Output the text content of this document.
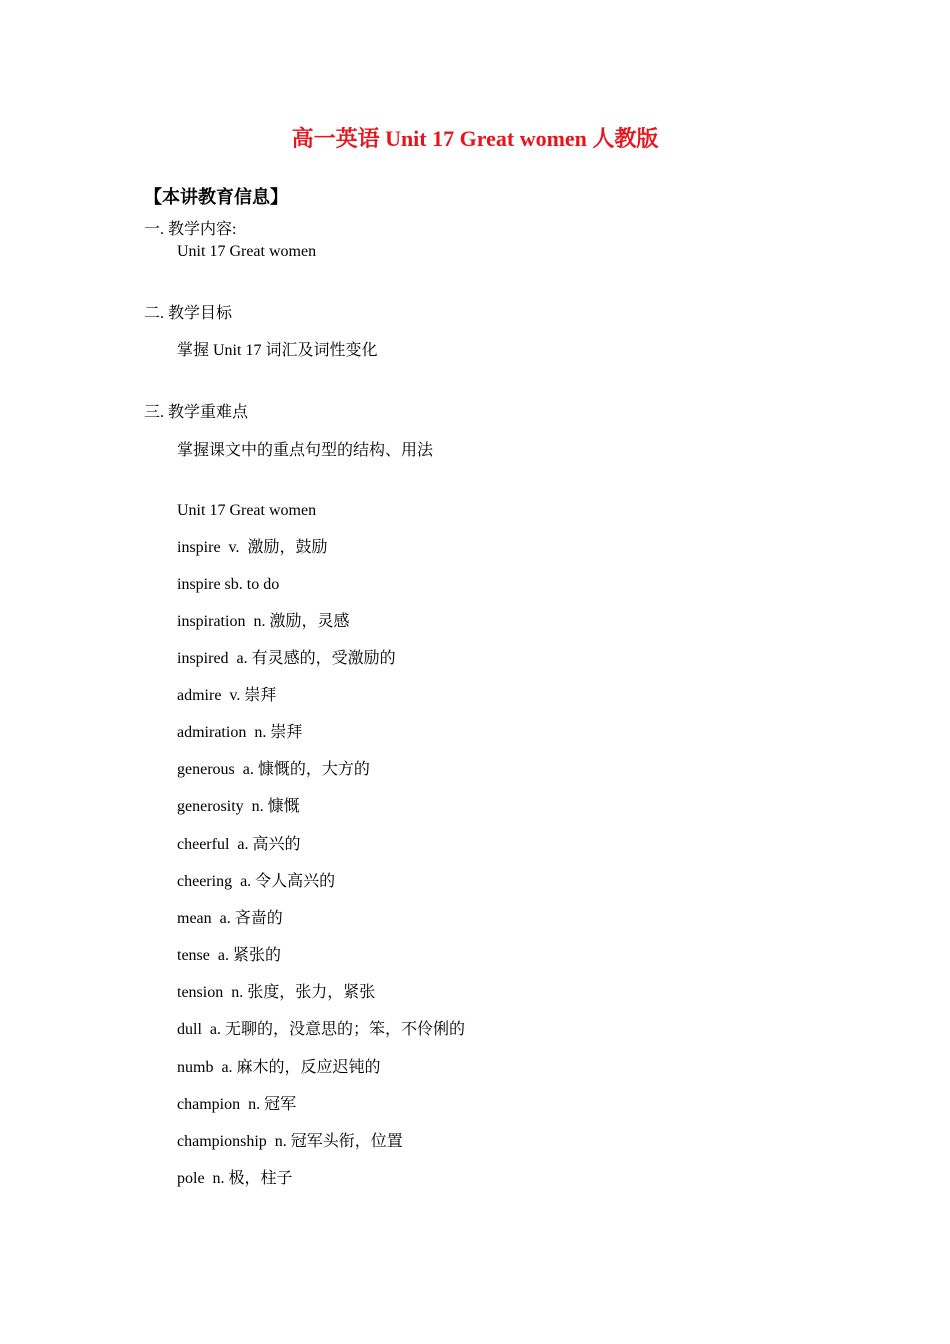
高一英语 Unit 17 Great women 人教版
【本讲教育信息】
一. 教学内容:
Unit 17 Great women
二. 教学目标
掌握 Unit 17 词汇及词性变化
三. 教学重难点
掌握课文中的重点句型的结构、用法
Unit 17 Great women
inspire  v.  激励，鼓励
inspire sb. to do
inspiration  n. 激励，灵感
inspired  a. 有灵感的，受激励的
admire  v. 崇拜
admiration  n. 崇拜
generous  a. 慷慨的，大方的
generosity  n. 慷慨
cheerful  a. 高兴的
cheering  a. 令人高兴的
mean  a. 吝啬的
tense  a. 紧张的
tension  n. 张度，张力，紧张
dull  a. 无聊的，没意思的；笨，不伶俐的
numb  a. 麻木的，反应迟钝的
champion  n. 冠军
championship  n. 冠军头衔，位置
pole  n. 极，柱子
